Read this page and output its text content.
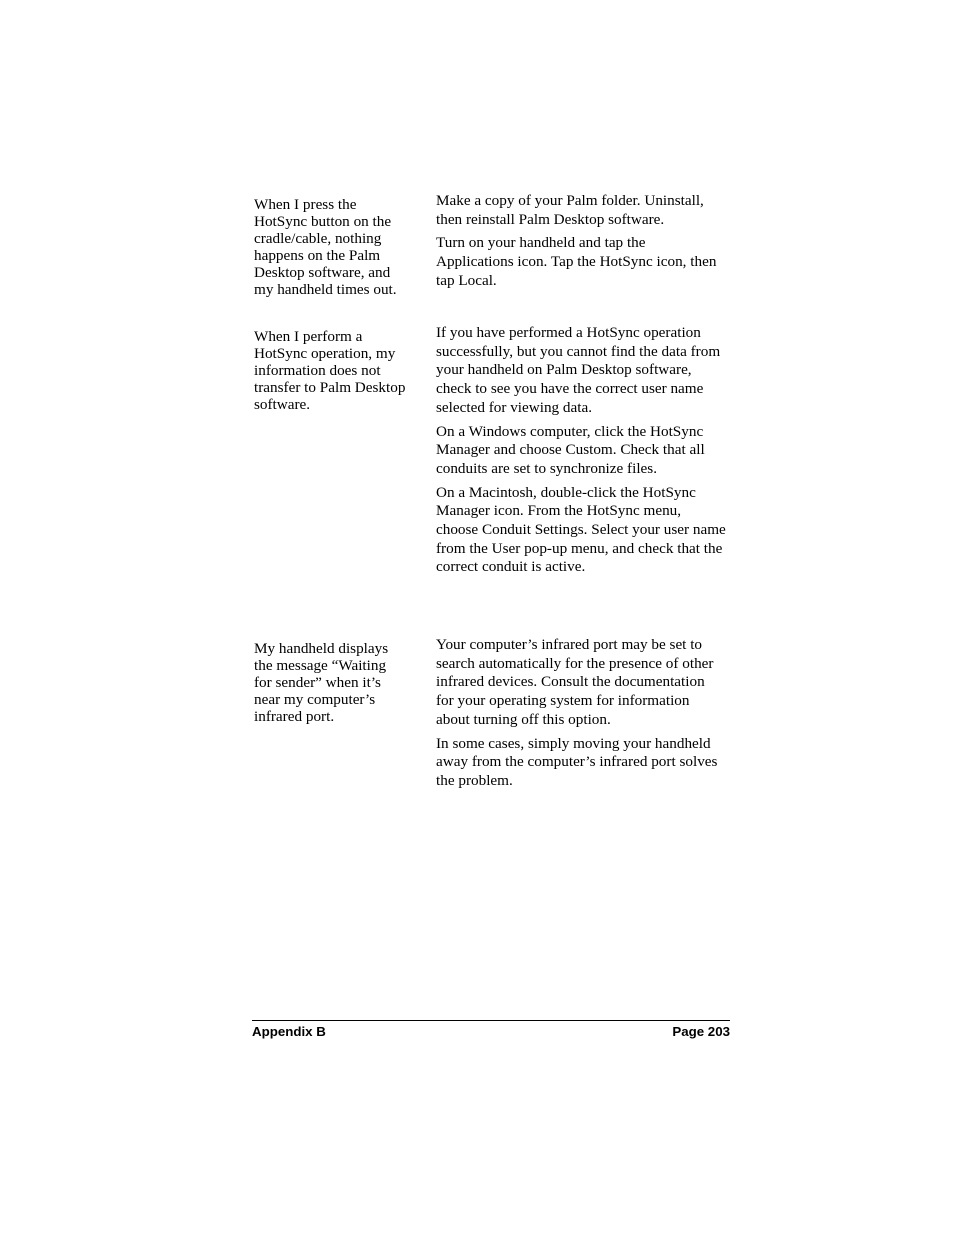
When I press the HotSync button on the cradle/cable, nothing happens on the Palm Desktop software, and my handheld times out.

Make a copy of your Palm folder. Uninstall, then reinstall Palm Desktop software.

Turn on your handheld and tap the Applications icon. Tap the HotSync icon, then tap Local.

When I perform a HotSync operation, my information does not transfer to Palm Desktop software.

If you have performed a HotSync operation successfully, but you cannot find the data from your handheld on Palm Desktop software, check to see you have the correct user name selected for viewing data.

On a Windows computer, click the HotSync Manager and choose Custom. Check that all conduits are set to synchronize files.

On a Macintosh, double-click the HotSync Manager icon. From the HotSync menu, choose Conduit Settings. Select your user name from the User pop-up menu, and check that the correct conduit is active.

My handheld displays the message “Waiting for sender” when it’s near my computer’s infrared port.

Your computer’s infrared port may be set to search automatically for the presence of other infrared devices. Consult the documentation for your operating system for information about turning off this option.

In some cases, simply moving your handheld away from the computer’s infrared port solves the problem.

Appendix B	Page 203
